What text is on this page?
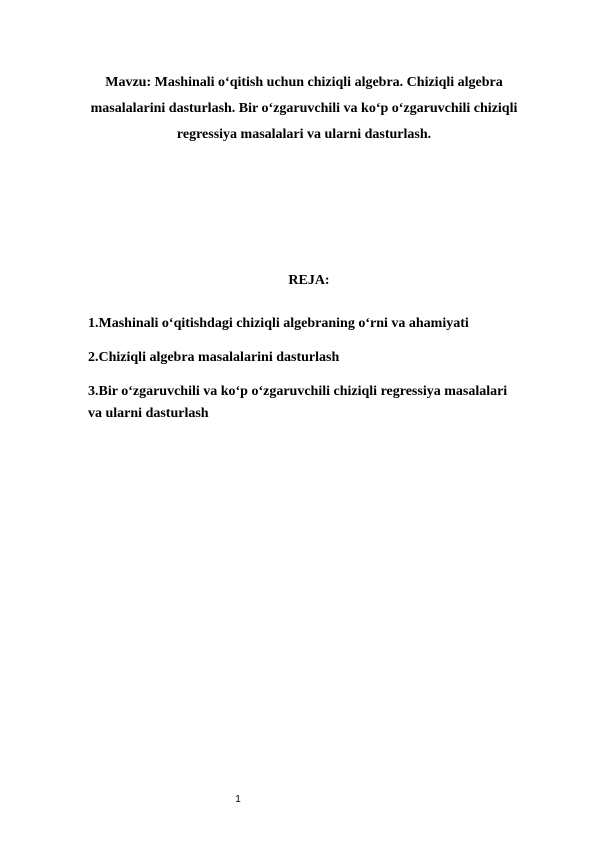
Mavzu: Mashinali o‘qitish uchun chiziqli algebra. Chiziqli algebra masalalarini dasturlash. Bir o‘zgaruvchili va ko‘p o‘zgaruvchili chiziqli regressiya masalalari va ularni dasturlash.
REJA:
1.Mashinali o‘qitishdagi chiziqli algebraning o‘rni va ahamiyati
2.Chiziqli algebra masalalarini dasturlash
3.Bir o‘zgaruvchili va ko‘p o‘zgaruvchili chiziqli regressiya masalalari va ularni dasturlash
1
